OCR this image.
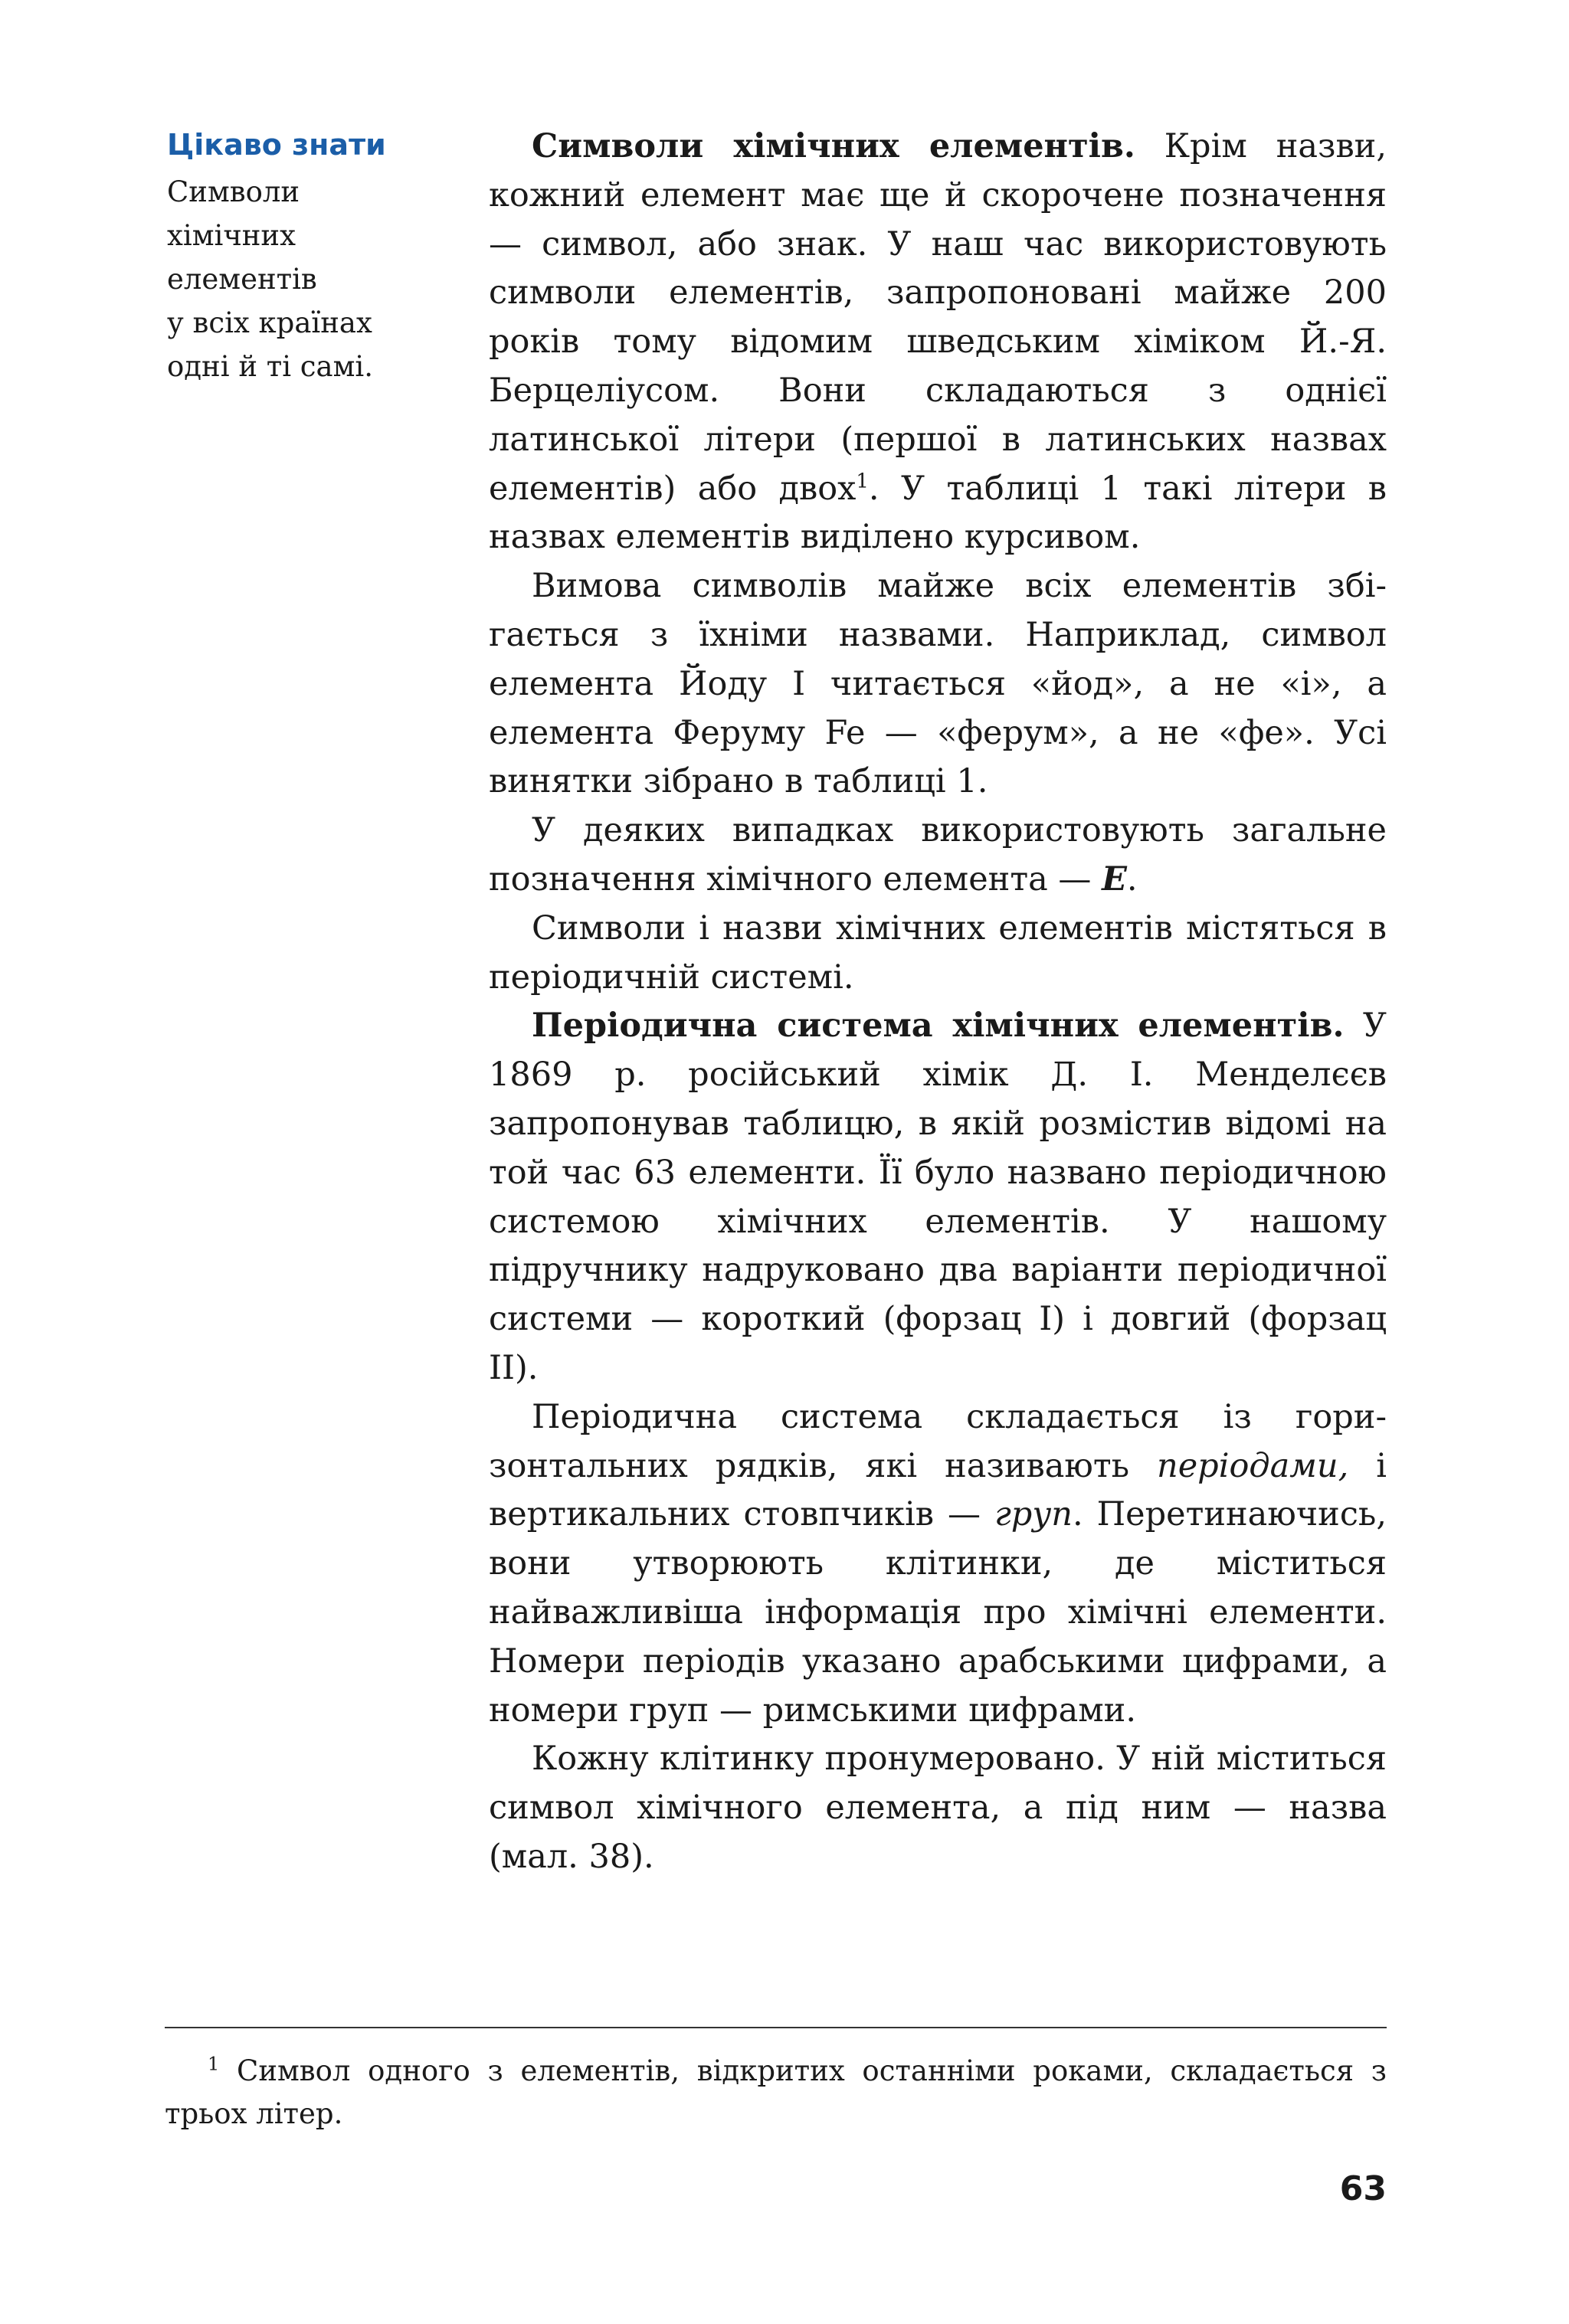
Цікаво знати

Символи
хімічних
елементів
у всіх країнах
одні й ті самі.

Символи хімічних елементів. Крім назви, кожний елемент має ще й скорочене позначення — символ, або знак. У наш час використовують символи елементів, запропоновані майже 200 років тому відомим шведським хіміком Й.-Я. Берцеліусом. Вони складаються з однієї латинської літери (першої в латинських назвах елементів) або двох$^1$. У таблиці 1 такі літери в назвах елементів виділено курсивом.

Вимова символів майже всіх елементів збігається з їхніми назвами. Наприклад, символ елемента Йоду I читається «йод», а не «і», а елемента Феруму Fe — «ферум», а не «фе». Усі винятки зібрано в таблиці 1.

У деяких випадках використовують загальне позначення хімічного елемента — E.

Символи і назви хімічних елементів містяться в періодичній системі.

Періодична система хімічних елементів. У 1869 р. російський хімік Д. І. Менделєєв запропонував таблицю, в якій розмістив відомі на той час 63 елементи. Її було названо періодичною системою хімічних елементів. У нашому підручнику надруковано два варіанти періодичної системи — короткий (форзац I) і довгий (форзац II).

Періодична система складається із горизонтальних рядків, які називають періодами, і вертикальних стовпчиків — груп. Перетинаючись, вони утворюють клітинки, де міститься найважливіша інформація про хімічні елементи. Номери періодів указано арабськими цифрами, а номери груп — римськими цифрами.

Кожну клітинку пронумеровано. У ній міститься символ хімічного елемента, а під ним — назва (мал. 38).

$^1$ Символ одного з елементів, відкритих останніми роками, складається з трьох літер.

63
